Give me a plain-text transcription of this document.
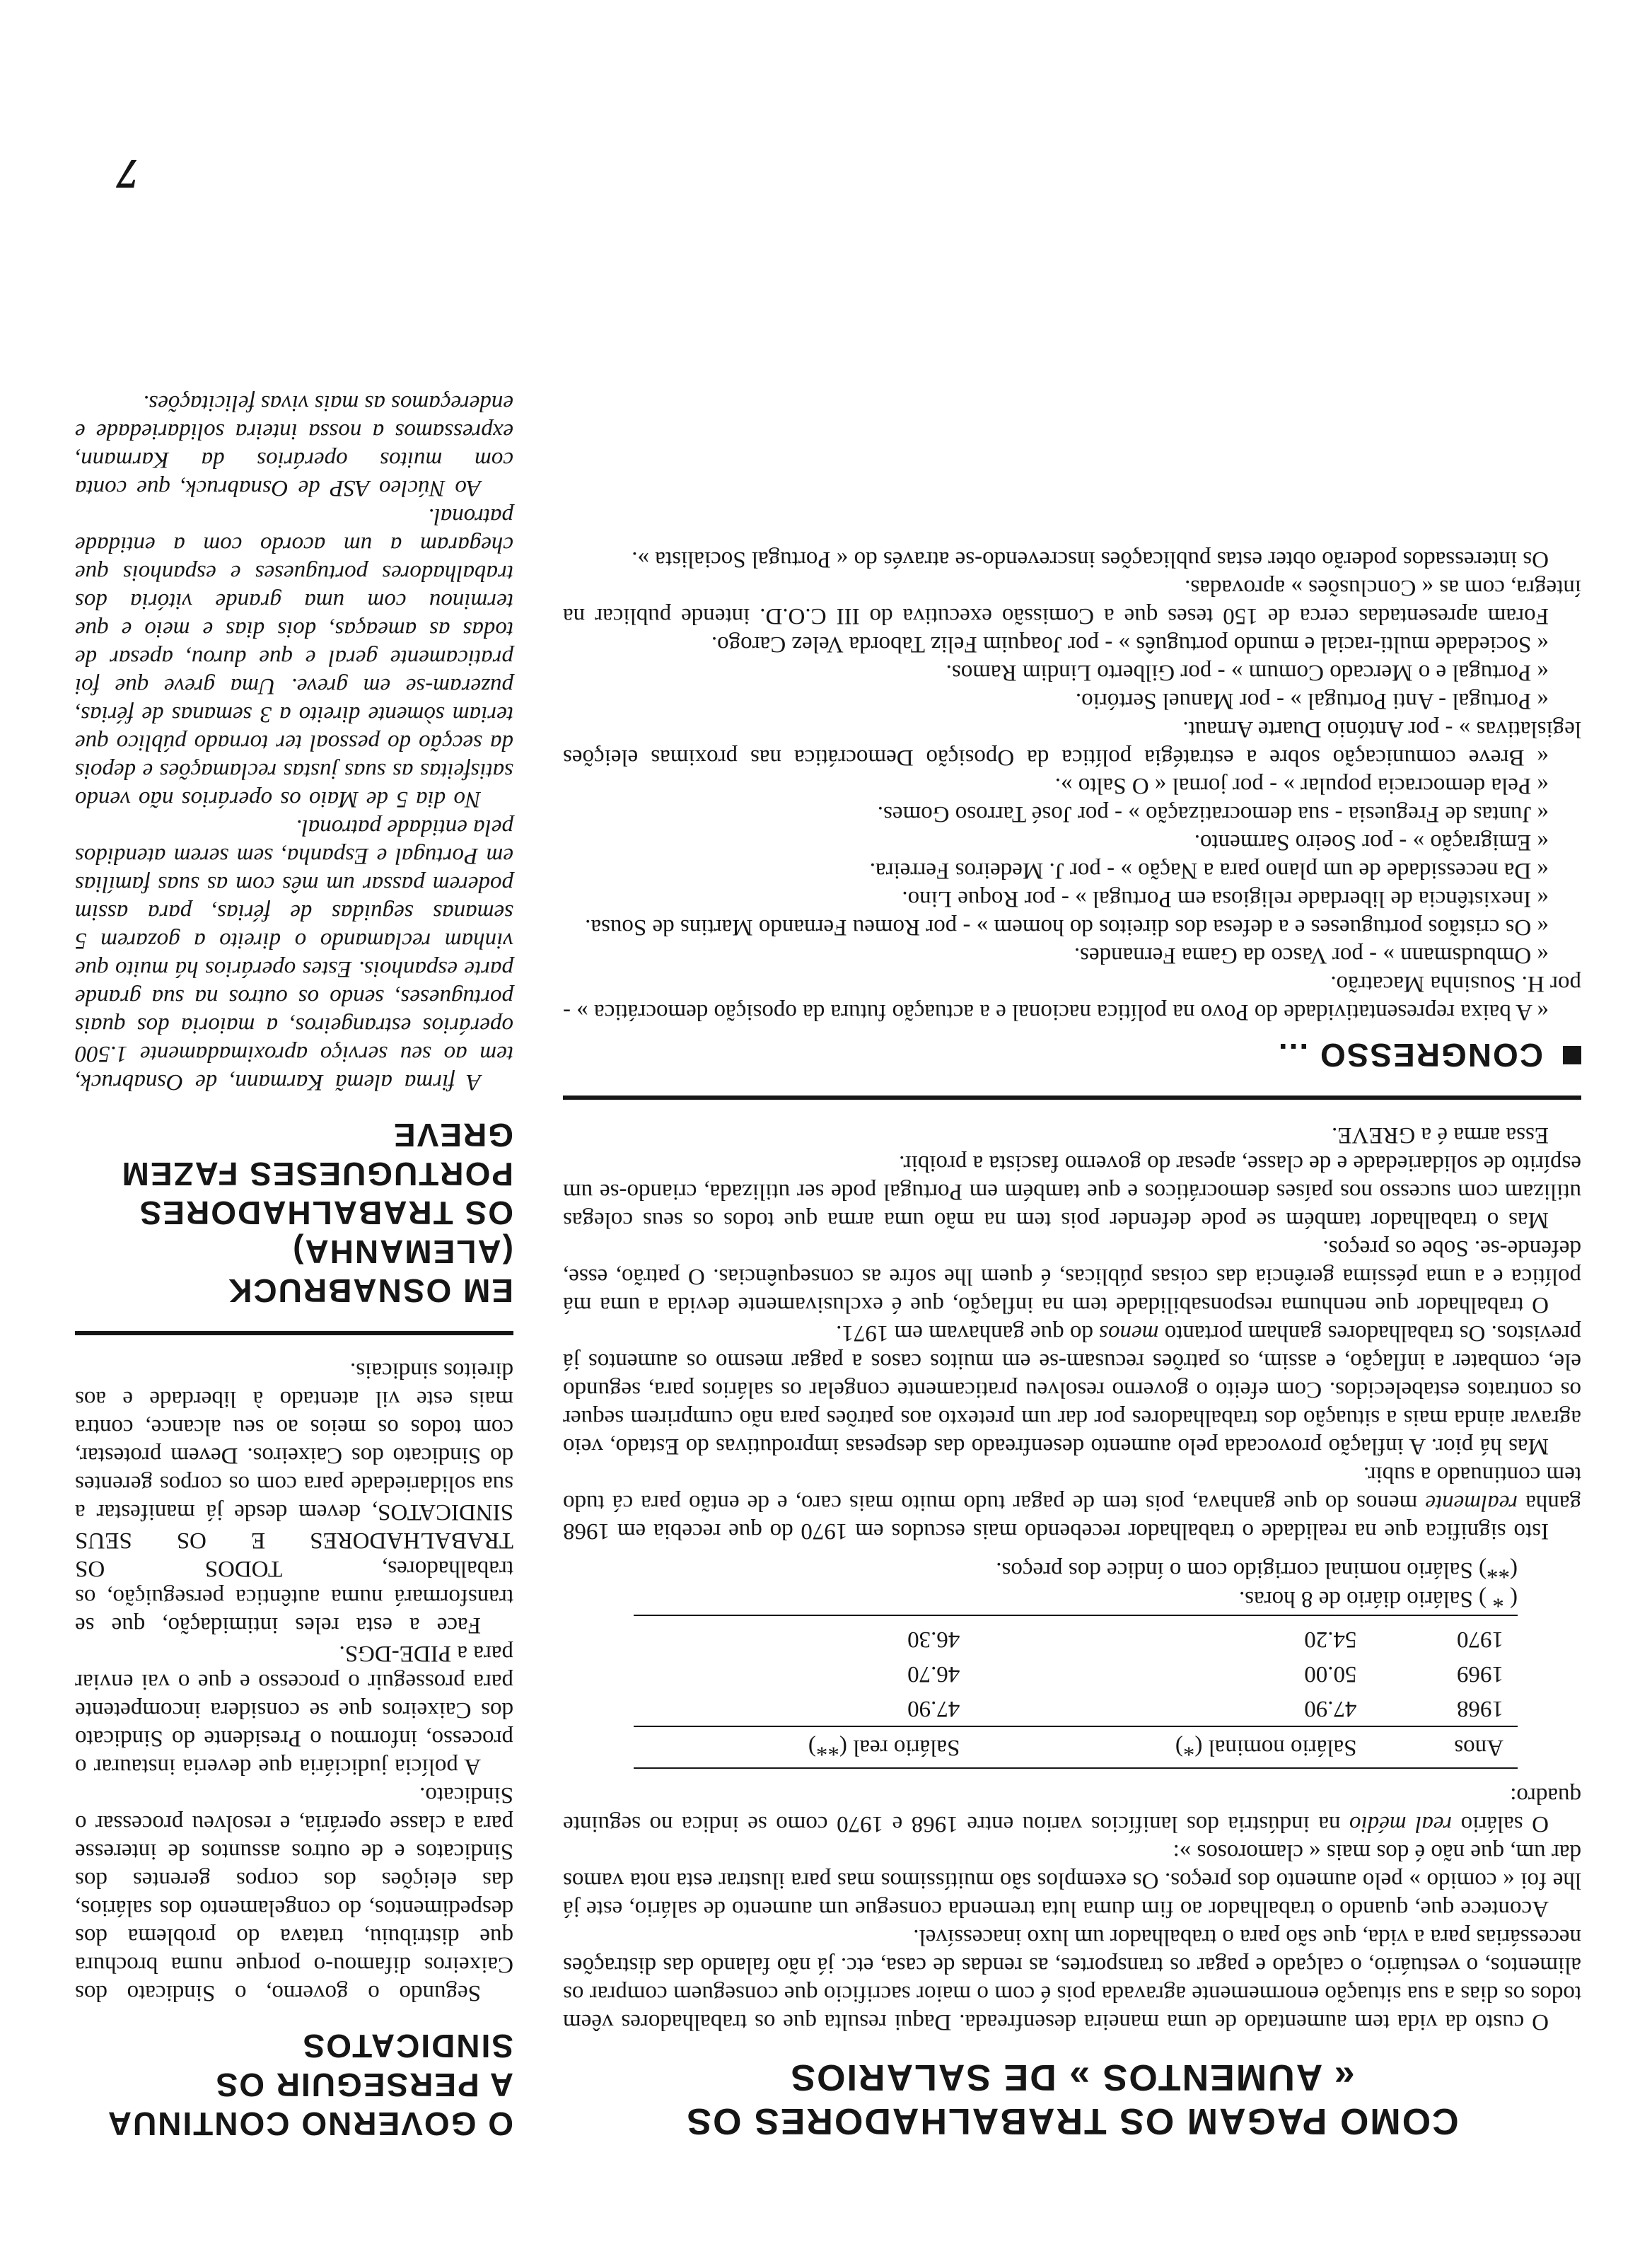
COMO PAGAM OS TRABALHADORES OS
« AUMENTOS » DE SALARIOS

O custo da vida tem aumentado de uma maneira desenfreada. Daqui resulta que os trabalhadores vêem todos os dias a sua situação enormemente agravada pois é com o maior sacrificio que conseguem comprar os alimentos, o vestuário, o calçado e pagar os transportes, as rendas de casa, etc. já não falando das distrações necessárias para a vida, que são para o trabalhador um luxo inacessível.

Acontece que, quando o trabalhador ao fim duma luta tremenda consegue um aumento de salário, este já lhe foi « comido » pelo aumento dos preços. Os exemplos são muitíssimos mas para ilustrar esta nota vamos dar um, que não é dos mais « clamorosos »:

O salário real médio na indústria dos lanifícios variou entre 1968 e 1970 como se indica no seguinte quadro:

Anos	Salário nominal (*)	Salário real (**)
1968	47.90	47.90
1969	50.00	46.70
1970	54.20	46.30

( * ) Salário diário de 8 horas.

(**) Salário nominal corrigido com o índice dos preços.

Isto significa que na realidade o trabalhador recebendo mais escudos em 1970 do que recebia em 1968 ganha realmente menos do que ganhava, pois tem de pagar tudo muito mais caro, e de então para cá tudo tem continuado a subir.

Mas há pior. A inflação provocada pelo aumento desenfreado das despesas improdutivas do Estado, veio agravar ainda mais a situação dos trabalhadores por dar um pretexto aos patrões para não cumprirem sequer os contratos estabelecidos. Com efeito o governo resolveu praticamente congelar os salários para, segundo ele, combater a inflação, e assim, os patrões recusam-se em muitos casos a pagar mesmo os aumentos já previstos. Os trabalhadores ganham portanto menos do que ganhavam em 1971.

O trabalhador que nenhuma responsabilidade tem na inflação, que é exclusivamente devida a uma má política e a uma péssima gerência das coisas públicas, é quem lhe sofre as consequências. O patrão, esse, defende-se. Sobe os preços.

Mas o trabalhador também se pode defender pois tem na mão uma arma que todos os seus colegas utilizam com sucesso nos países democráticos e que também em Portugal pode ser utilizada, criando-se um espírito de solidariedade e de classe, apesar do governo fascista a proibir.

Essa arma é a GREVE.

CONGRESSO ...

« A baixa representatividade do Povo na política nacional e a actuação futura da oposição democrática » - por H. Sousinha Macatrão.

« Ombudsmann » - por Vasco da Gama Fernandes.

« Os cristãos portugueses e a defesa dos direitos do homem » - por Romeu Fernando Martins de Sousa.

« Inexistência de liberdade religiosa em Portugal » - por Roque Lino.

« Da necessidade de um plano para a Nação » - por J. Medeiros Ferreira.

« Emigração » - por Soeiro Sarmento.

« Juntas de Freguesia - sua democratização » - por José Tarroso Gomes.

« Pela democracia popular » - por jornal « O Salto ».

« Breve comunicação sobre a estratégia política da Oposição Democrática nas proximas eleições legislativas » - por António Duarte Arnaut.

« Portugal - Anti Portugal » - por Manuel Sertório.

« Portugal e o Mercado Comum » - por Gilberto Lindim Ramos.

« Sociedade multi-racial e mundo português » - por Joaquim Feliz Taborda Velez Carogo.

Foram apresentadas cerca de 150 teses que a Comissão executiva do III C.O.D. intende publicar na íntegra, com as « Conclusões » aprovadas.

Os interessados poderão obter estas publicações inscrevendo-se através do « Portugal Socialista ».

O GOVERNO CONTINUA
A PERSEGUIR OS SINDICATOS

Segundo o governo, o Sindicato dos Caixeiros difamou-o porque numa brochura que distribuiu, tratava do problema dos despedimentos, do congelamento dos salários, das eleições dos corpos gerentes dos Sindicatos e de outros assuntos de interesse para a classe operária, e resolveu processar o Sindicato.

A polícia judiciária que deveria instaurar o processo, informou o Presidente do Sindicato dos Caixeiros que se considera incompetente para prosseguir o processo e que o vai enviar para a PIDE-DGS.

Face a esta reles intimidação, que se transformará numa autêntica perseguição, os trabalhadores, TODOS OS TRABALHADORES E OS SEUS SINDICATOS, devem desde já manifestar a sua solidariedade para com os corpos gerentes do Sindicato dos Caixeiros. Devem protestar, com todos os meios ao seu alcance, contra mais este vil atentado à liberdade e aos direitos sindicais.

EM OSNABRUCK (ALEMANHA)
OS TRABALHADORES
PORTUGUESES FAZEM GREVE

A firma alemã Karmann, de Osnabruck, tem ao seu serviço aproximadamente 1.500 operários estrangeiros, a maioria dos quais portugueses, sendo os outros na sua grande parte espanhois. Estes operários há muito que vinham reclamando o direito a gozarem 5 semanas seguidas de férias, para assim poderem passar um mês com as suas famílias em Portugal e Espanha, sem serem atendidos pela entidade patronal.

No dia 5 de Maio os operários não vendo satisfeitas as suas justas reclamações e depois da secção do pessoal ter tornado público que teriam sòmente direito a 3 semanas de férias, puzeram-se em greve. Uma greve que foi praticamente geral e que durou, apesar de todas as ameaças, dois dias e meio e que terminou com uma grande vitória dos trabalhadores portugueses e espanhois que chegaram a um acordo com a entidade patronal.

Ao Núcleo ASP de Osnabruck, que conta com muitos operários da Karmann, expressamos a nossa inteira solidariedade e endereçamos as mais vivas felicitações.

7
